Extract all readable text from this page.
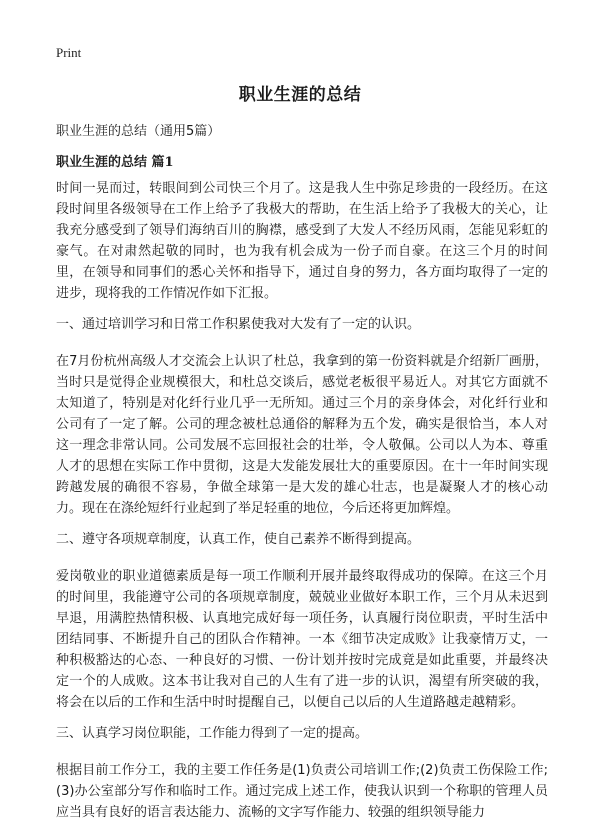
Print
职业生涯的总结
职业生涯的总结（通用5篇）
职业生涯的总结 篇1

时间一晃而过，转眼间到公司快三个月了。这是我人生中弥足珍贵的一段经历。在这段时间里各级领导在工作上给予了我极大的帮助，在生活上给予了我极大的关心，让我充分感受到了领导们海纳百川的胸襟，感受到了大发人不经历风雨，怎能见彩虹的豪气。在对肃然起敬的同时，也为我有机会成为一份子而自豪。在这三个月的时间里，在领导和同事们的悉心关怀和指导下，通过自身的努力，各方面均取得了一定的进步，现将我的工作情况作如下汇报。

一、通过培训学习和日常工作积累使我对大发有了一定的认识。

在7月份杭州高级人才交流会上认识了杜总，我拿到的第一份资料就是介绍新厂画册，当时只是觉得企业规模很大，和杜总交谈后，感觉老板很平易近人。对其它方面就不太知道了，特别是对化纤行业几乎一无所知。通过三个月的亲身体会，对化纤行业和公司有了一定了解。公司的理念被杜总通俗的解释为五个发，确实是很恰当，本人对这一理念非常认同。公司发展不忘回报社会的壮举，令人敬佩。公司以人为本、尊重人才的思想在实际工作中贯彻，这是大发能发展壮大的重要原因。在十一年时间实现跨越发展的确很不容易，争做全球第一是大发的雄心壮志，也是凝聚人才的核心动力。现在在涤纶短纤行业起到了举足轻重的地位，今后还将更加辉煌。

二、遵守各项规章制度，认真工作，使自己素养不断得到提高。

爱岗敬业的职业道德素质是每一项工作顺利开展并最终取得成功的保障。在这三个月的时间里，我能遵守公司的各项规章制度，兢兢业业做好本职工作，三个月从未迟到早退，用满腔热情积极、认真地完成好每一项任务，认真履行岗位职责，平时生活中团结同事、不断提升自己的团队合作精神。一本《细节决定成败》让我豪情万丈，一种积极豁达的心态、一种良好的习惯、一份计划并按时完成竟是如此重要，并最终决定一个的人成败。这本书让我对自己的人生有了进一步的认识，渴望有所突破的我，将会在以后的工作和生活中时时提醒自己，以便自己以后的人生道路越走越精彩。

三、认真学习岗位职能，工作能力得到了一定的提高。

根据目前工作分工，我的主要工作任务是(1)负责公司培训工作;(2)负责工伤保险工作;(3)办公室部分写作和临时工作。通过完成上述工作，使我认识到一个称职的管理人员应当具有良好的语言表达能力、流畅的文字写作能力、较强的组织领导能力
